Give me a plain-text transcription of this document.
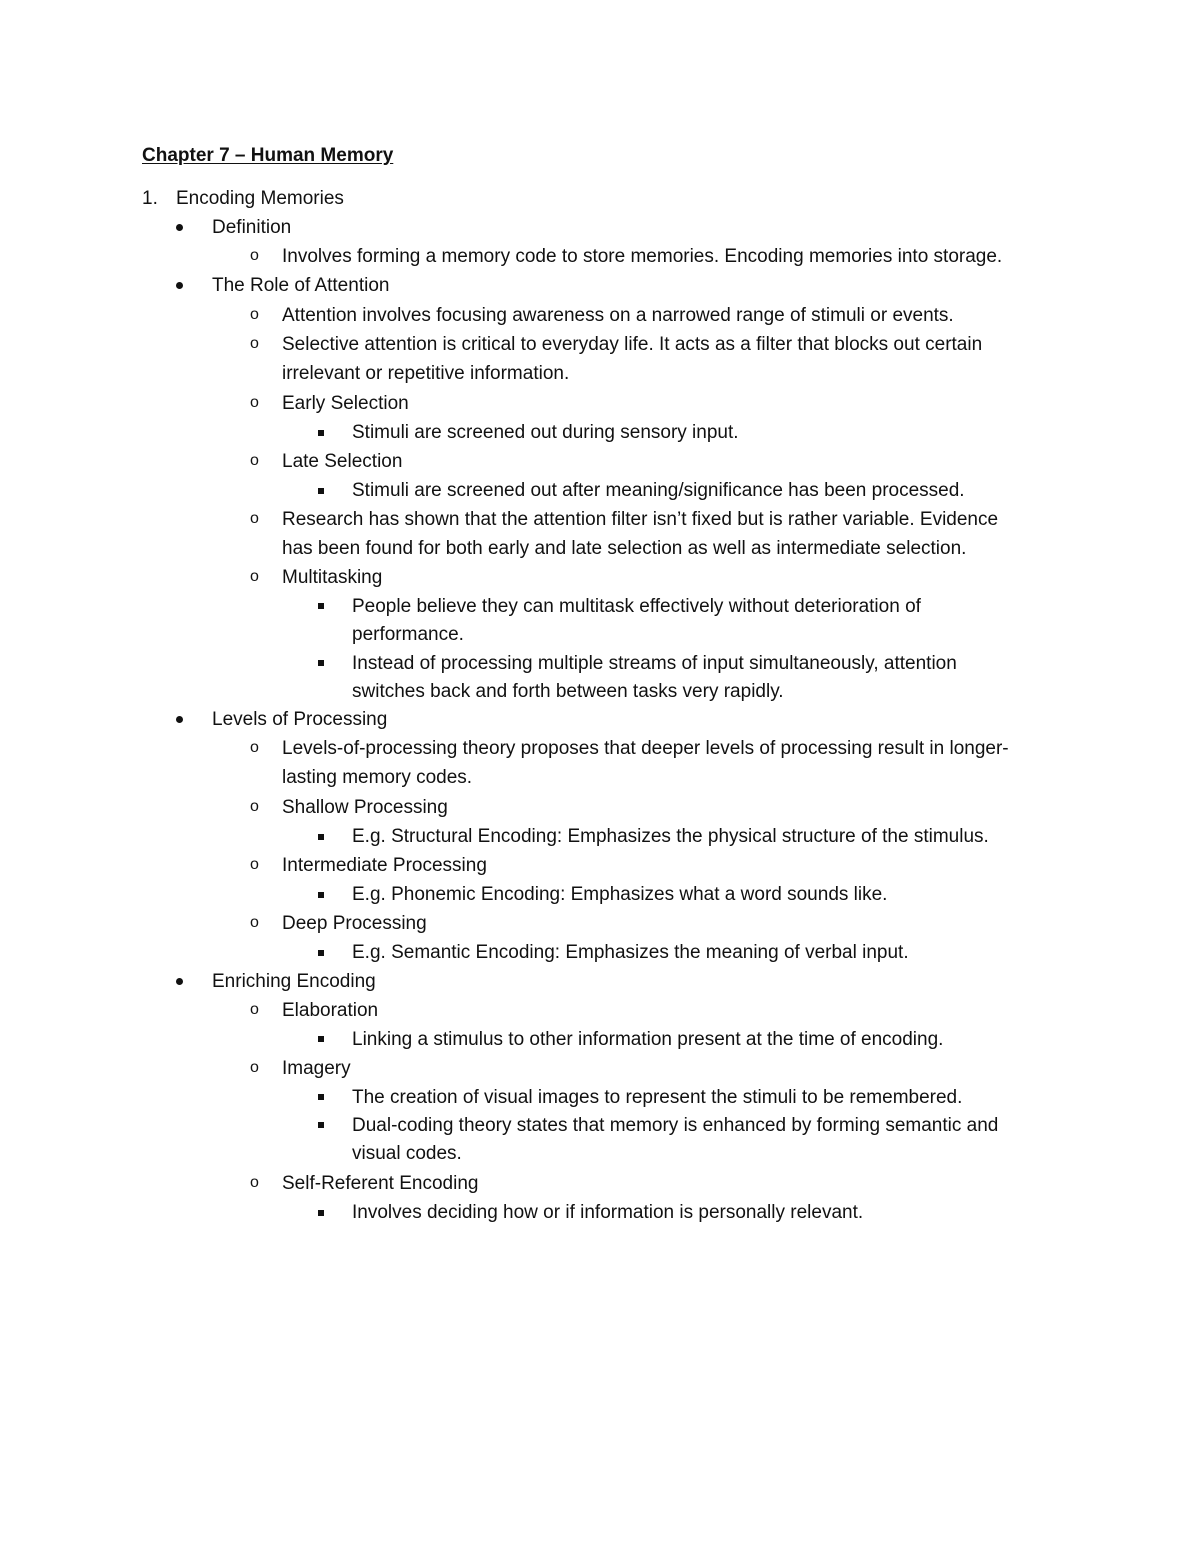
Chapter 7 – Human Memory
1. Encoding Memories
Definition
o Involves forming a memory code to store memories. Encoding memories into storage.
The Role of Attention
o Attention involves focusing awareness on a narrowed range of stimuli or events.
o Selective attention is critical to everyday life. It acts as a filter that blocks out certain
irrelevant or repetitive information.
o Early Selection
Stimuli are screened out during sensory input.
o Late Selection
Stimuli are screened out after meaning/significance has been processed.
o Research has shown that the attention filter isn’t fixed but is rather variable. Evidence
has been found for both early and late selection as well as intermediate selection.
o Multitasking
People believe they can multitask effectively without deterioration of
performance.
Instead of processing multiple streams of input simultaneously, attention
switches back and forth between tasks very rapidly.
Levels of Processing
o Levels-of-processing theory proposes that deeper levels of processing result in longer-
lasting memory codes.
o Shallow Processing
E.g. Structural Encoding: Emphasizes the physical structure of the stimulus.
o Intermediate Processing
E.g. Phonemic Encoding: Emphasizes what a word sounds like.
o Deep Processing
E.g. Semantic Encoding: Emphasizes the meaning of verbal input.
Enriching Encoding
o Elaboration
Linking a stimulus to other information present at the time of encoding.
o Imagery
The creation of visual images to represent the stimuli to be remembered.
Dual-coding theory states that memory is enhanced by forming semantic and
visual codes.
o Self-Referent Encoding
Involves deciding how or if information is personally relevant.
